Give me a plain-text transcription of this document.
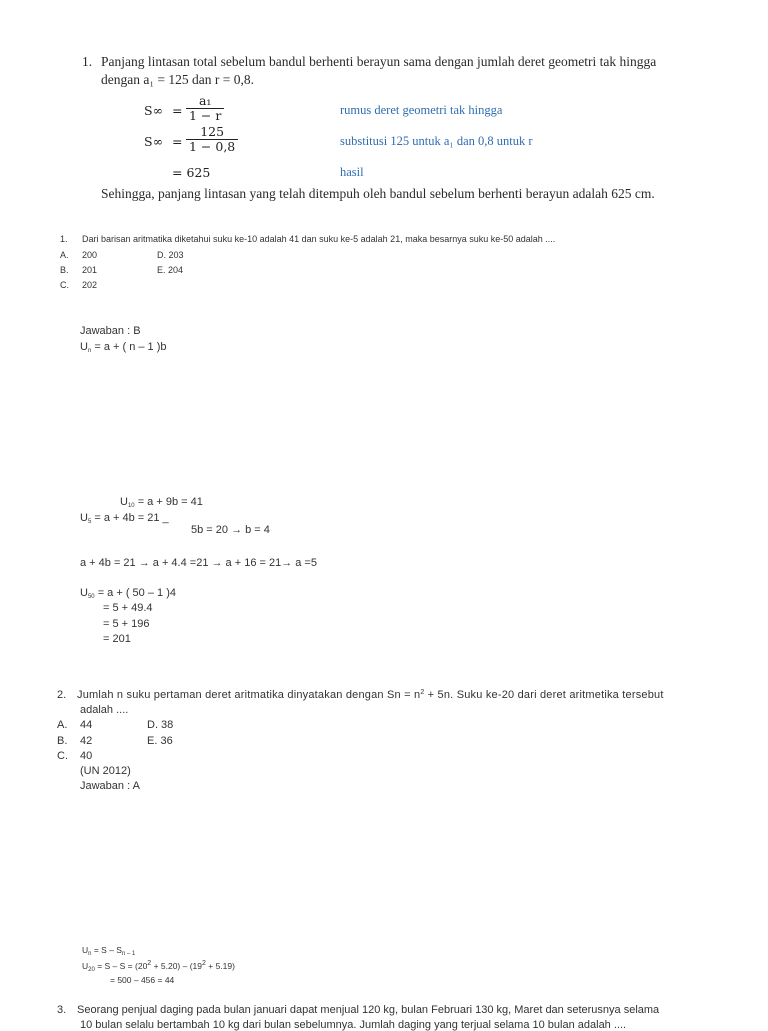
1. Panjang lintasan total sebelum bandul berhenti berayun sama dengan jumlah deret geometri tak hingga
dengan a₁ = 125 dan r = 0,8.
$S\infty = \frac{\text{a₁}}{1 - r}$	rumus deret geometri tak hingga
$S\infty = \frac{125}{1 - 0,8}$	substitusi 125 untuk a₁ dan 0,8 untuk r
= 625	hasil
Sehingga, panjang lintasan yang telah ditempuh oleh bandul sebelum berhenti berayun adalah 625 cm.
1. Dari barisan aritmatika diketahui suku ke-10 adalah 41 dan suku ke-5 adalah 21, maka besarnya suku ke-50 adalah ....
A. 200	D. 203
B. 201	E. 204
C. 202
Jawaban : B
$U_n = a$ + ( n – 1 )b
$U_{10} = a + 9b = 41$
$U_5 = a + 4b = 21$ _
5b = 20 → b = 4
a + 4b = 21 → a + 4.4 =21 → a + 16 = 21→ a =5
$U_{50} = a$ + ( 50 – 1 )4
= 5 + 49.4
= 5 + 196
= 201
2. Jumlah n suku pertaman deret aritmatika dinyatakan dengan $Sn = n^2 + 5n$. Suku ke-20 dari deret aritmetika tersebut
adalah ....
A. 44	D. 38
B. 42	E. 36
C. 40
(UN 2012)
Jawaban : A
$U_n = S - S_{n - 1}$
$U_{20} = S - S = (20^2 + 5.20) - (19^2 + 5.19)$
= 500 – 456 = 44
3. Seorang penjual daging pada bulan januari dapat menjual 120 kg, bulan Februari 130 kg, Maret dan seterusnya selama
10 bulan selalu bertambah 10 kg dari bulan sebelumnya. Jumlah daging yang terjual selama 10 bulan adalah ....
